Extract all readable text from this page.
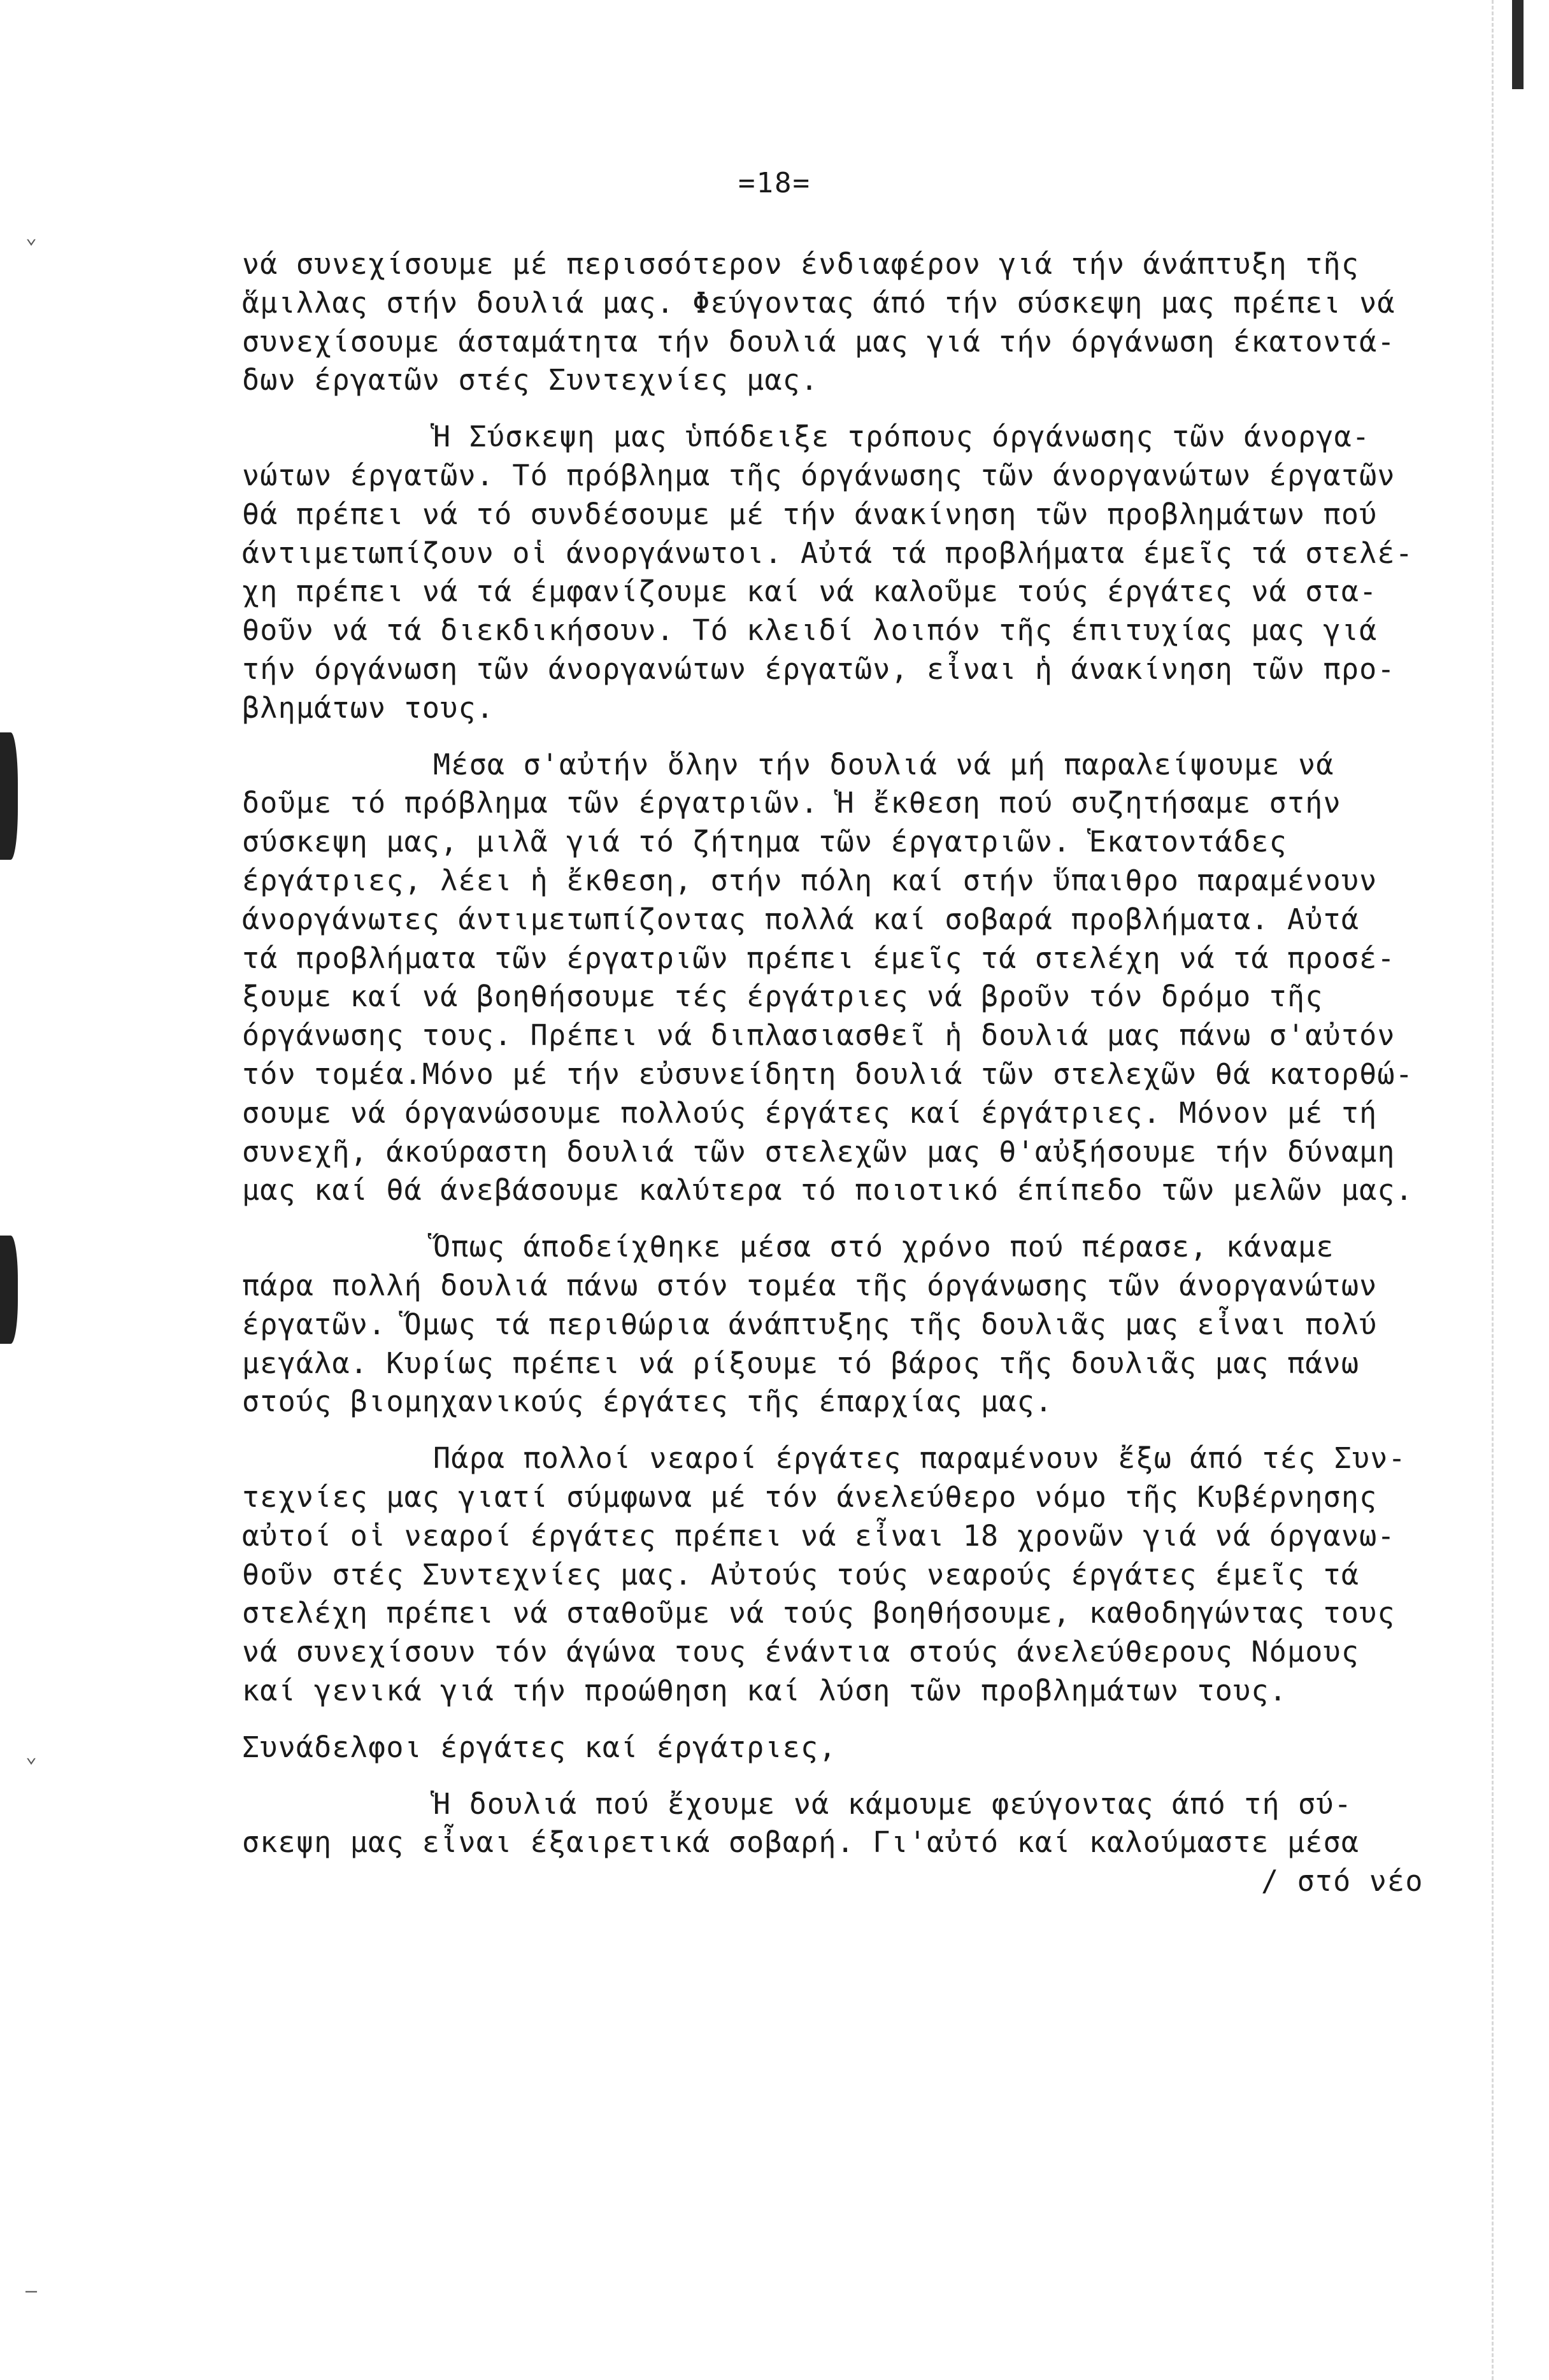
⌄
⌄
–
=18=
νά συνεχίσουμε μέ περισσότερον ένδιαφέρον γιά τήν άνάπτυξη τῆς
ἅμιλλας στήν δουλιά μας. Φεύγοντας άπό τήν σύσκεψη μας πρέπει νά
συνεχίσουμε άσταμάτητα τήν δουλιά μας γιά τήν όργάνωση έκατοντά-
δων έργατῶν στές Συντεχνίες μας.
Ἡ Σύσκεψη μας ὑπόδειξε τρόπους όργάνωσης τῶν άνοργα-
νώτων έργατῶν. Τό πρόβλημα τῆς όργάνωσης τῶν άνοργανώτων έργατῶν
θά πρέπει νά τό συνδέσουμε μέ τήν άνακίνηση τῶν προβλημάτων πού
άντιμετωπίζουν οἱ άνοργάνωτοι. Αὐτά τά προβλήματα έμεῖς τά στελέ-
χη πρέπει νά τά έμφανίζουμε καί νά καλοῦμε τούς έργάτες νά στα-
θοῦν νά τά διεκδικήσουν. Τό κλειδί λοιπόν τῆς έπιτυχίας μας γιά
τήν όργάνωση τῶν άνοργανώτων έργατῶν, εἶναι ἡ άνακίνηση τῶν προ-
βλημάτων τους.
Μέσα σ'αὐτήν ὅλην τήν δουλιά νά μή παραλείψουμε νά
δοῦμε τό πρόβλημα τῶν έργατριῶν. Ἡ ἔκθεση πού συζητήσαμε στήν
σύσκεψη μας, μιλᾶ γιά τό ζήτημα τῶν έργατριῶν. Ἑκατοντάδες
έργάτριες, λέει ἡ ἔκθεση, στήν πόλη καί στήν ὕπαιθρο παραμένουν
άνοργάνωτες άντιμετωπίζοντας πολλά καί σοβαρά προβλήματα. Αὐτά
τά προβλήματα τῶν έργατριῶν πρέπει έμεῖς τά στελέχη νά τά προσέ-
ξουμε καί νά βοηθήσουμε τές έργάτριες νά βροῦν τόν δρόμο τῆς
όργάνωσης τους. Πρέπει νά διπλασιασθεῖ ἡ δουλιά μας πάνω σ'αὐτόν
τόν τομέα.Μόνο μέ τήν εὐσυνείδητη δουλιά τῶν στελεχῶν θά κατορθώ-
σουμε νά όργανώσουμε πολλούς έργάτες καί έργάτριες. Μόνον μέ τή
συνεχῆ, άκούραστη δουλιά τῶν στελεχῶν μας θ'αὐξήσουμε τήν δύναμη
μας καί θά άνεβάσουμε καλύτερα τό ποιοτικό έπίπεδο τῶν μελῶν μας.
Ὅπως άποδείχθηκε μέσα στό χρόνο πού πέρασε, κάναμε
πάρα πολλή δουλιά πάνω στόν τομέα τῆς όργάνωσης τῶν άνοργανώτων
έργατῶν. Ὅμως τά περιθώρια άνάπτυξης τῆς δουλιᾶς μας εἶναι πολύ
μεγάλα. Κυρίως πρέπει νά ρίξουμε τό βάρος τῆς δουλιᾶς μας πάνω
στούς βιομηχανικούς έργάτες τῆς έπαρχίας μας.
Πάρα πολλοί νεαροί έργάτες παραμένουν ἔξω άπό τές Συν-
τεχνίες μας γιατί σύμφωνα μέ τόν άνελεύθερο νόμο τῆς Κυβέρνησης
αὐτοί οἱ νεαροί έργάτες πρέπει νά εἶναι 18 χρονῶν γιά νά όργανω-
θοῦν στές Συντεχνίες μας. Αὐτούς τούς νεαρούς έργάτες έμεῖς τά
στελέχη πρέπει νά σταθοῦμε νά τούς βοηθήσουμε, καθοδηγώντας τους
νά συνεχίσουν τόν άγώνα τους ένάντια στούς άνελεύθερους Νόμους
καί γενικά γιά τήν προώθηση καί λύση τῶν προβλημάτων τους.
Συνάδελφοι έργάτες καί έργάτριες,
Ἡ δουλιά πού ἔχουμε νά κάμουμε φεύγοντας άπό τή σύ-
σκεψη μας εἶναι έξαιρετικά σοβαρή. Γι'αὐτό καί καλούμαστε μέσα
/ στό νέο
